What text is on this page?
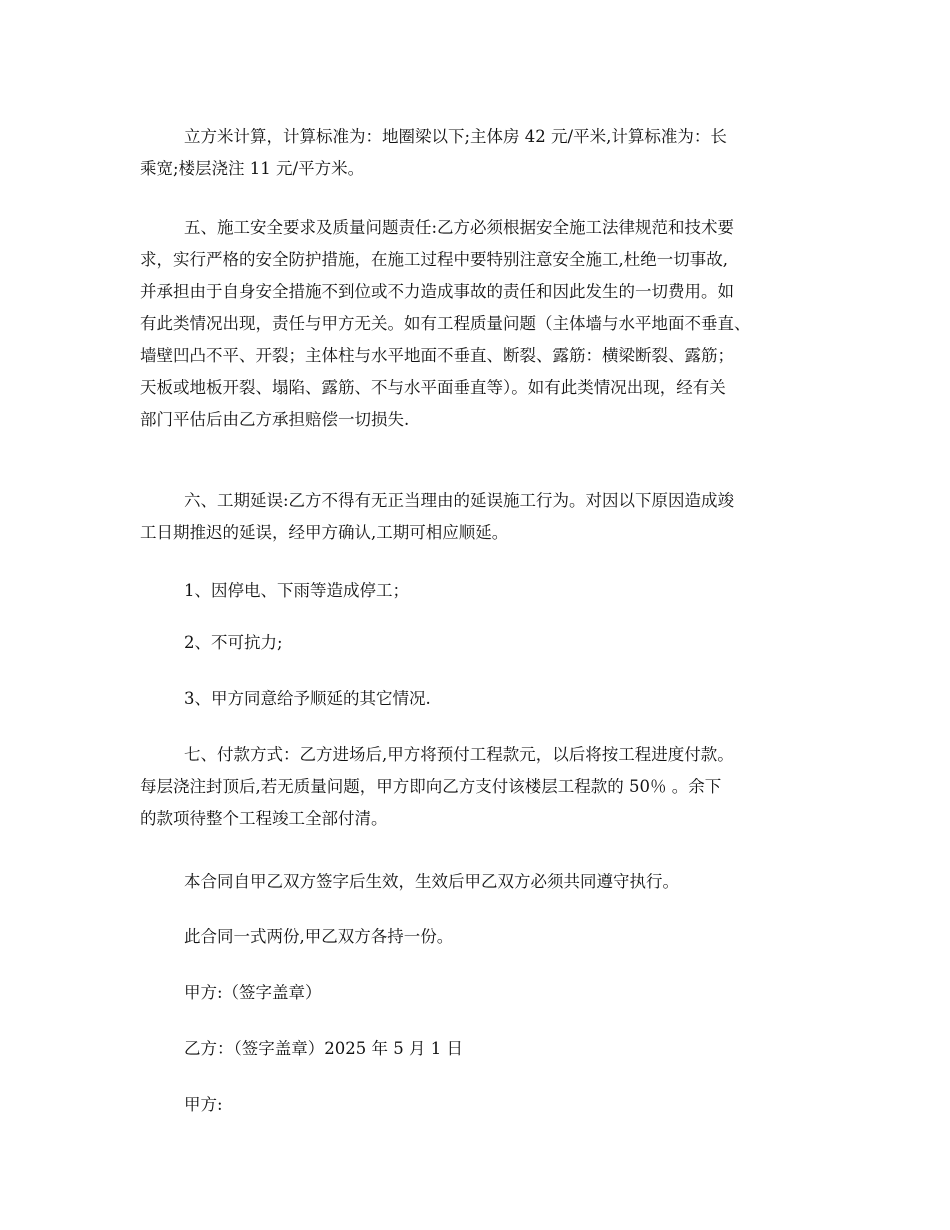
立方米计算，计算标准为：地圈梁以下;主体房 42 元/平米,计算标准为：长
乘宽;楼层浇注 11 元/平方米。

五、施工安全要求及质量问题责任:乙方必须根据安全施工法律规范和技术要
求，实行严格的安全防护措施，在施工过程中要特别注意安全施工,杜绝一切事故,
并承担由于自身安全措施不到位或不力造成事故的责任和因此发生的一切费用。如
有此类情况出现，责任与甲方无关。如有工程质量问题（主体墙与水平地面不垂直、
墙壁凹凸不平、开裂；主体柱与水平地面不垂直、断裂、露筋：横梁断裂、露筋；
天板或地板开裂、塌陷、露筋、不与水平面垂直等）。如有此类情况出现，经有关
部门平估后由乙方承担赔偿一切损失.

六、工期延误:乙方不得有无正当理由的延误施工行为。对因以下原因造成竣
工日期推迟的延误，经甲方确认,工期可相应顺延。

1、因停电、下雨等造成停工；

2、不可抗力;

3、甲方同意给予顺延的其它情况.

七、付款方式：乙方进场后,甲方将预付工程款元，以后将按工程进度付款。
每层浇注封顶后,若无质量问题，甲方即向乙方支付该楼层工程款的 50％ 。余下
的款项待整个工程竣工全部付清。

本合同自甲乙双方签字后生效，生效后甲乙双方必须共同遵守执行。

此合同一式两份,甲乙双方各持一份。

甲方:（签字盖章）

乙方：（签字盖章）2025 年 5 月 1 日

甲方:
